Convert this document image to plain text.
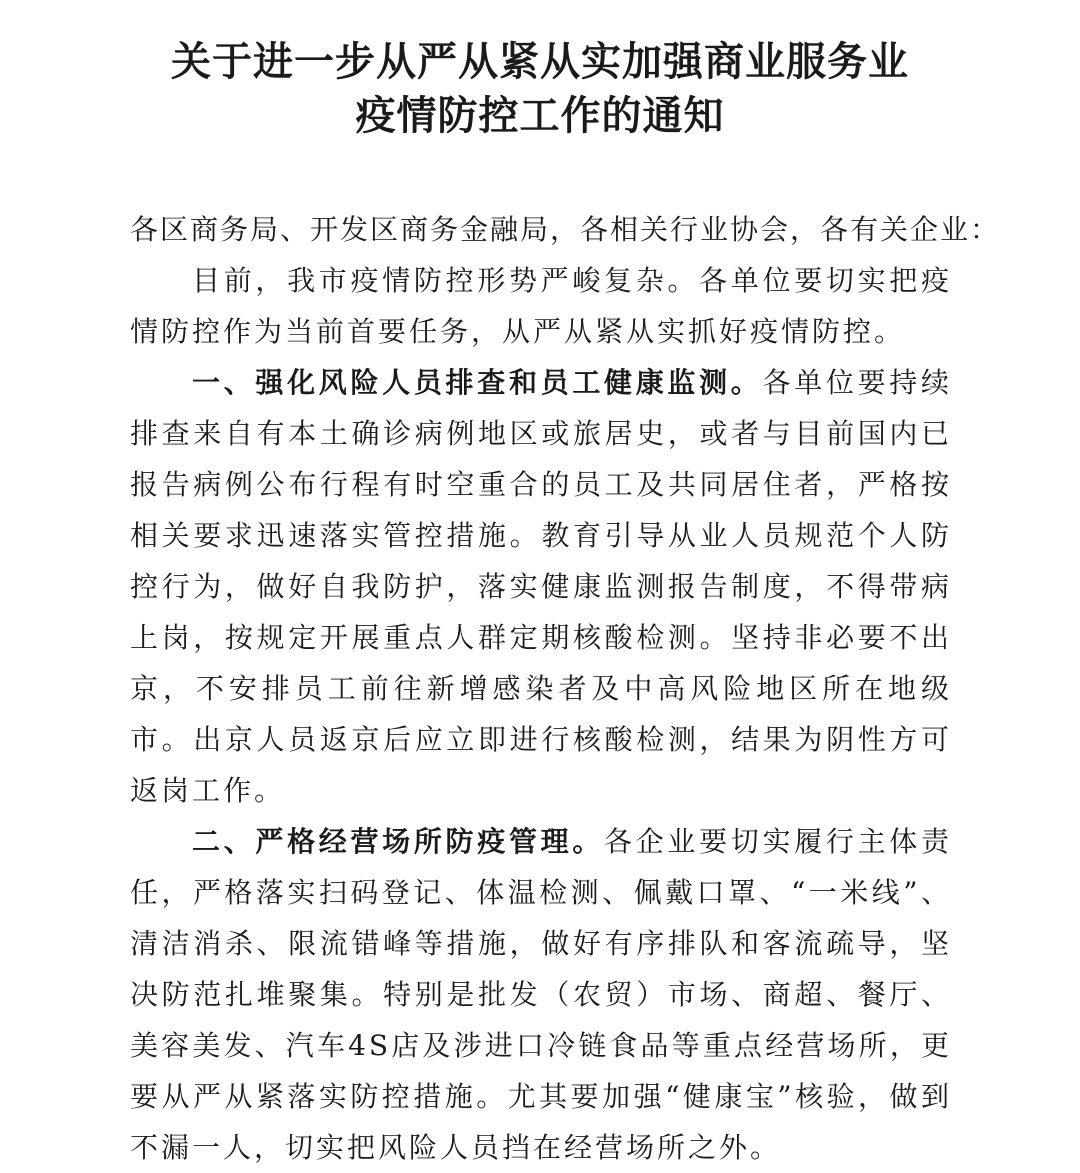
关于进一步从严从紧从实加强商业服务业
疫情防控工作的通知

各区商务局、开发区商务金融局，各相关行业协会，各有关企业：

目前，我市疫情防控形势严峻复杂。各单位要切实把疫情防控作为当前首要任务，从严从紧从实抓好疫情防控。

一、强化风险人员排查和员工健康监测。各单位要持续排查来自有本土确诊病例地区或旅居史，或者与目前国内已报告病例公布行程有时空重合的员工及共同居住者，严格按相关要求迅速落实管控措施。教育引导从业人员规范个人防控行为，做好自我防护，落实健康监测报告制度，不得带病上岗，按规定开展重点人群定期核酸检测。坚持非必要不出京，不安排员工前往新增感染者及中高风险地区所在地级市。出京人员返京后应立即进行核酸检测，结果为阴性方可返岗工作。

二、严格经营场所防疫管理。各企业要切实履行主体责任，严格落实扫码登记、体温检测、佩戴口罩、“一米线”、清洁消杀、限流错峰等措施，做好有序排队和客流疏导，坚决防范扎堆聚集。特别是批发（农贸）市场、商超、餐厅、美容美发、汽车4S店及涉进口冷链食品等重点经营场所，更要从严从紧落实防控措施。尤其要加强“健康宝”核验，做到不漏一人，切实把风险人员挡在经营场所之外。
